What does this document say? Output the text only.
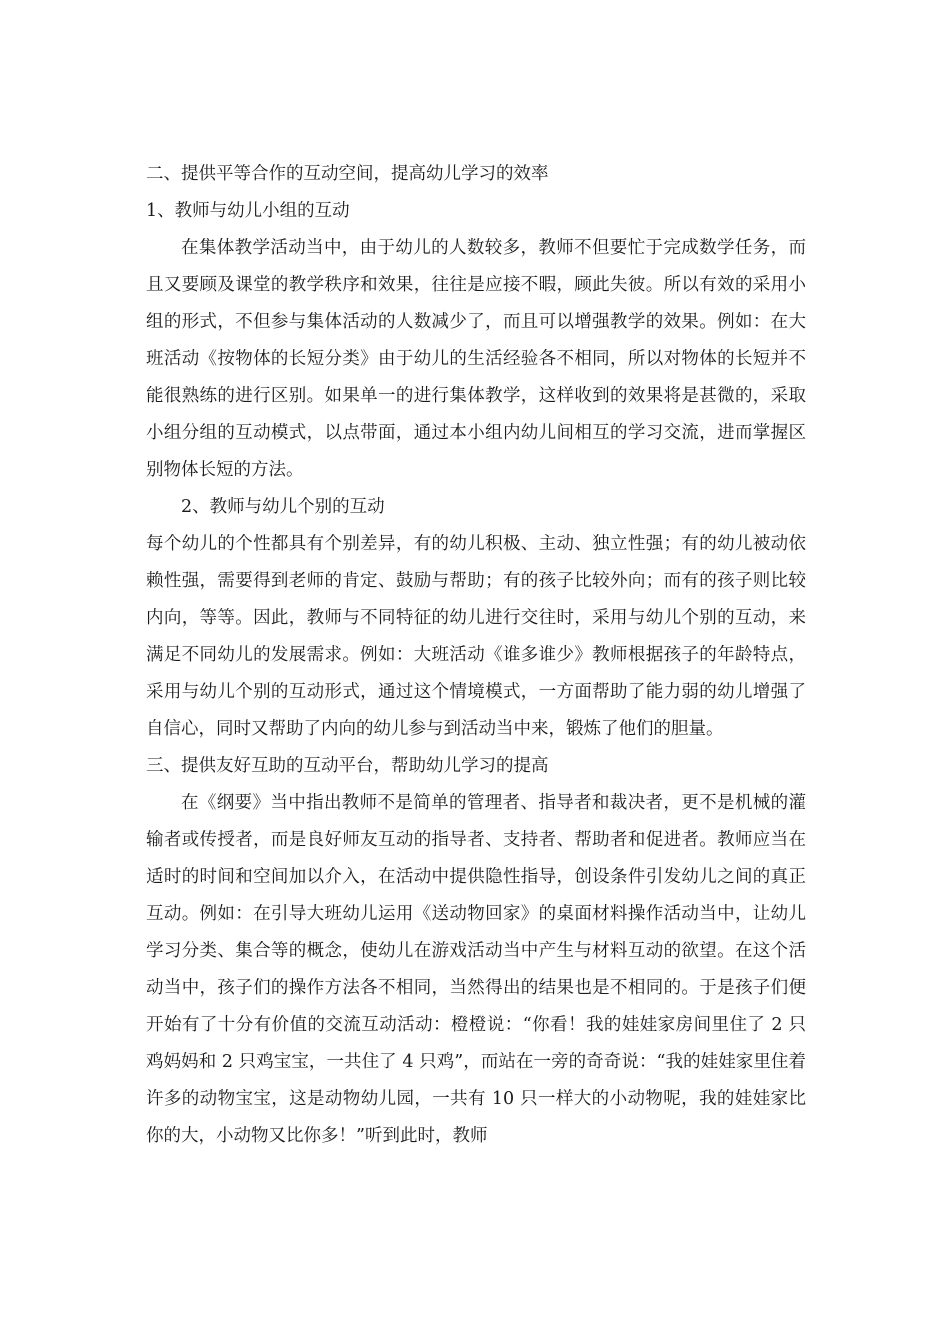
二、提供平等合作的互动空间，提高幼儿学习的效率

1、教师与幼儿小组的互动

在集体教学活动当中，由于幼儿的人数较多，教师不但要忙于完成数学任务，而且又要顾及课堂的教学秩序和效果，往往是应接不暇，顾此失彼。所以有效的采用小组的形式，不但参与集体活动的人数减少了，而且可以增强教学的效果。例如：在大班活动《按物体的长短分类》由于幼儿的生活经验各不相同，所以对物体的长短并不能很熟练的进行区别。如果单一的进行集体教学，这样收到的效果将是甚微的，采取小组分组的互动模式，以点带面，通过本小组内幼儿间相互的学习交流，进而掌握区别物体长短的方法。

2、教师与幼儿个别的互动

每个幼儿的个性都具有个别差异，有的幼儿积极、主动、独立性强；有的幼儿被动依赖性强，需要得到老师的肯定、鼓励与帮助；有的孩子比较外向；而有的孩子则比较内向，等等。因此，教师与不同特征的幼儿进行交往时，采用与幼儿个别的互动，来满足不同幼儿的发展需求。例如：大班活动《谁多谁少》教师根据孩子的年龄特点，采用与幼儿个别的互动形式，通过这个情境模式，一方面帮助了能力弱的幼儿增强了自信心，同时又帮助了内向的幼儿参与到活动当中来，锻炼了他们的胆量。

三、提供友好互助的互动平台，帮助幼儿学习的提高

在《纲要》当中指出教师不是简单的管理者、指导者和裁决者，更不是机械的灌输者或传授者，而是良好师友互动的指导者、支持者、帮助者和促进者。教师应当在适时的时间和空间加以介入，在活动中提供隐性指导，创设条件引发幼儿之间的真正互动。例如：在引导大班幼儿运用《送动物回家》的桌面材料操作活动当中，让幼儿学习分类、集合等的概念，使幼儿在游戏活动当中产生与材料互动的欲望。在这个活动当中，孩子们的操作方法各不相同，当然得出的结果也是不相同的。于是孩子们便开始有了十分有价值的交流互动活动：橙橙说：“你看！我的娃娃家房间里住了 2 只鸡妈妈和 2 只鸡宝宝，一共住了 4 只鸡”，而站在一旁的奇奇说：“我的娃娃家里住着许多的动物宝宝，这是动物幼儿园，一共有 10 只一样大的小动物呢，我的娃娃家比你的大，小动物又比你多！”听到此时，教师
